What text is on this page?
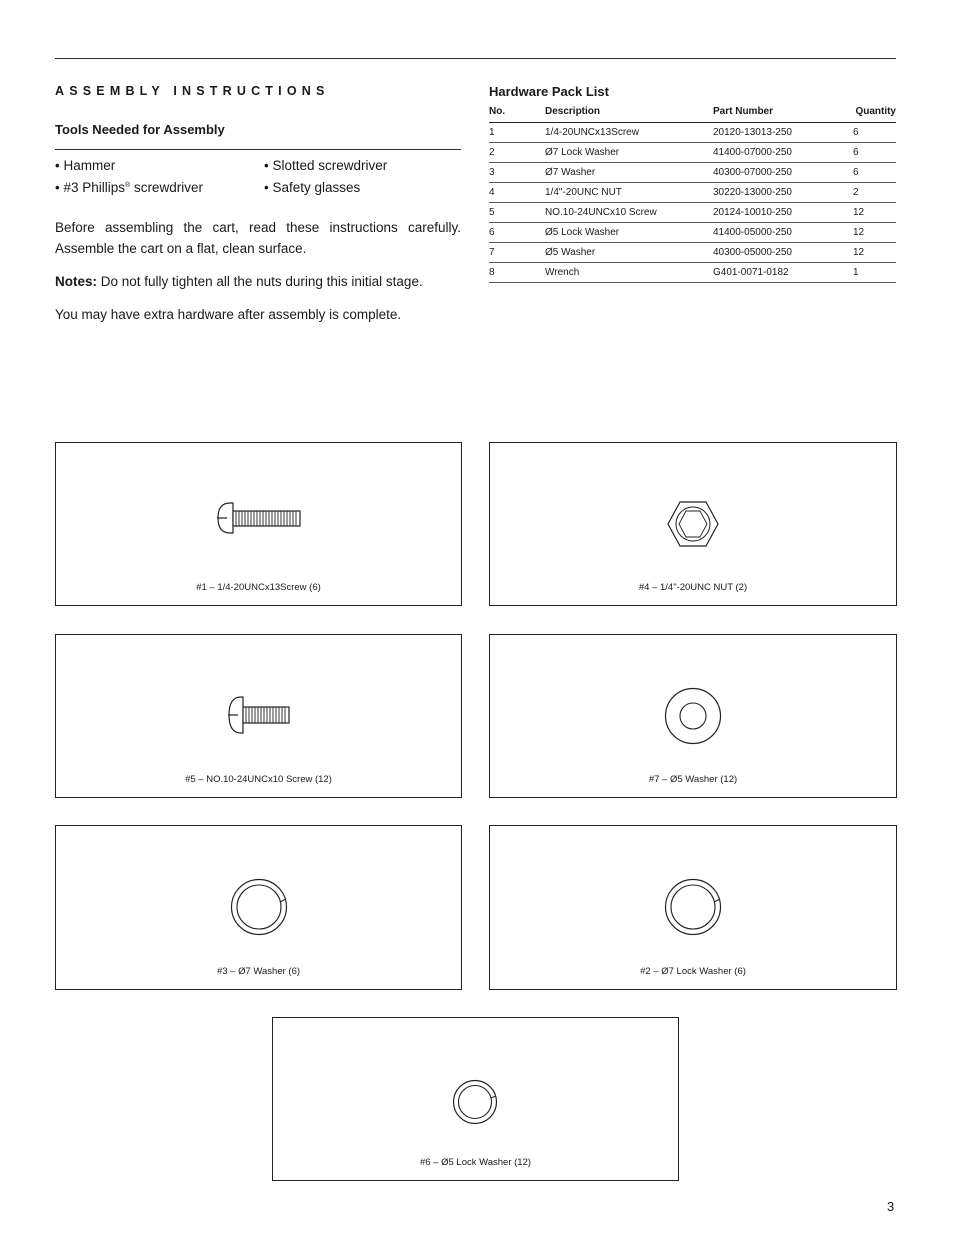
ASSEMBLY INSTRUCTIONS
Tools Needed for Assembly
• Hammer	• Slotted screwdriver
• #3 Phillips® screwdriver	• Safety glasses
Before assembling the cart, read these instructions carefully. Assemble the cart on a flat, clean surface.
Notes: Do not fully tighten all the nuts during this initial stage.
You may have extra hardware after assembly is complete.
Hardware Pack List
No.	Description	Part Number	Quantity
1	1/4-20UNCx13Screw	20120-13013-250	6
2	Ø7 Lock Washer	41400-07000-250	6
3	Ø7 Washer	40300-07000-250	6
4	1/4"-20UNC NUT	30220-13000-250	2
5	NO.10-24UNCx10 Screw	20124-10010-250	12
6	Ø5 Lock Washer	41400-05000-250	12
7	Ø5 Washer	40300-05000-250	12
8	Wrench	G401-0071-0182	1
#1 – 1/4-20UNCx13Screw (6)	#4 – 1/4"-20UNC NUT (2)
#5 – NO.10-24UNCx10 Screw (12)	#7 – Ø5 Washer (12)
#3 – Ø7 Washer (6)	#2 – Ø7 Lock Washer (6)
#6 – Ø5 Lock Washer (12)
3
